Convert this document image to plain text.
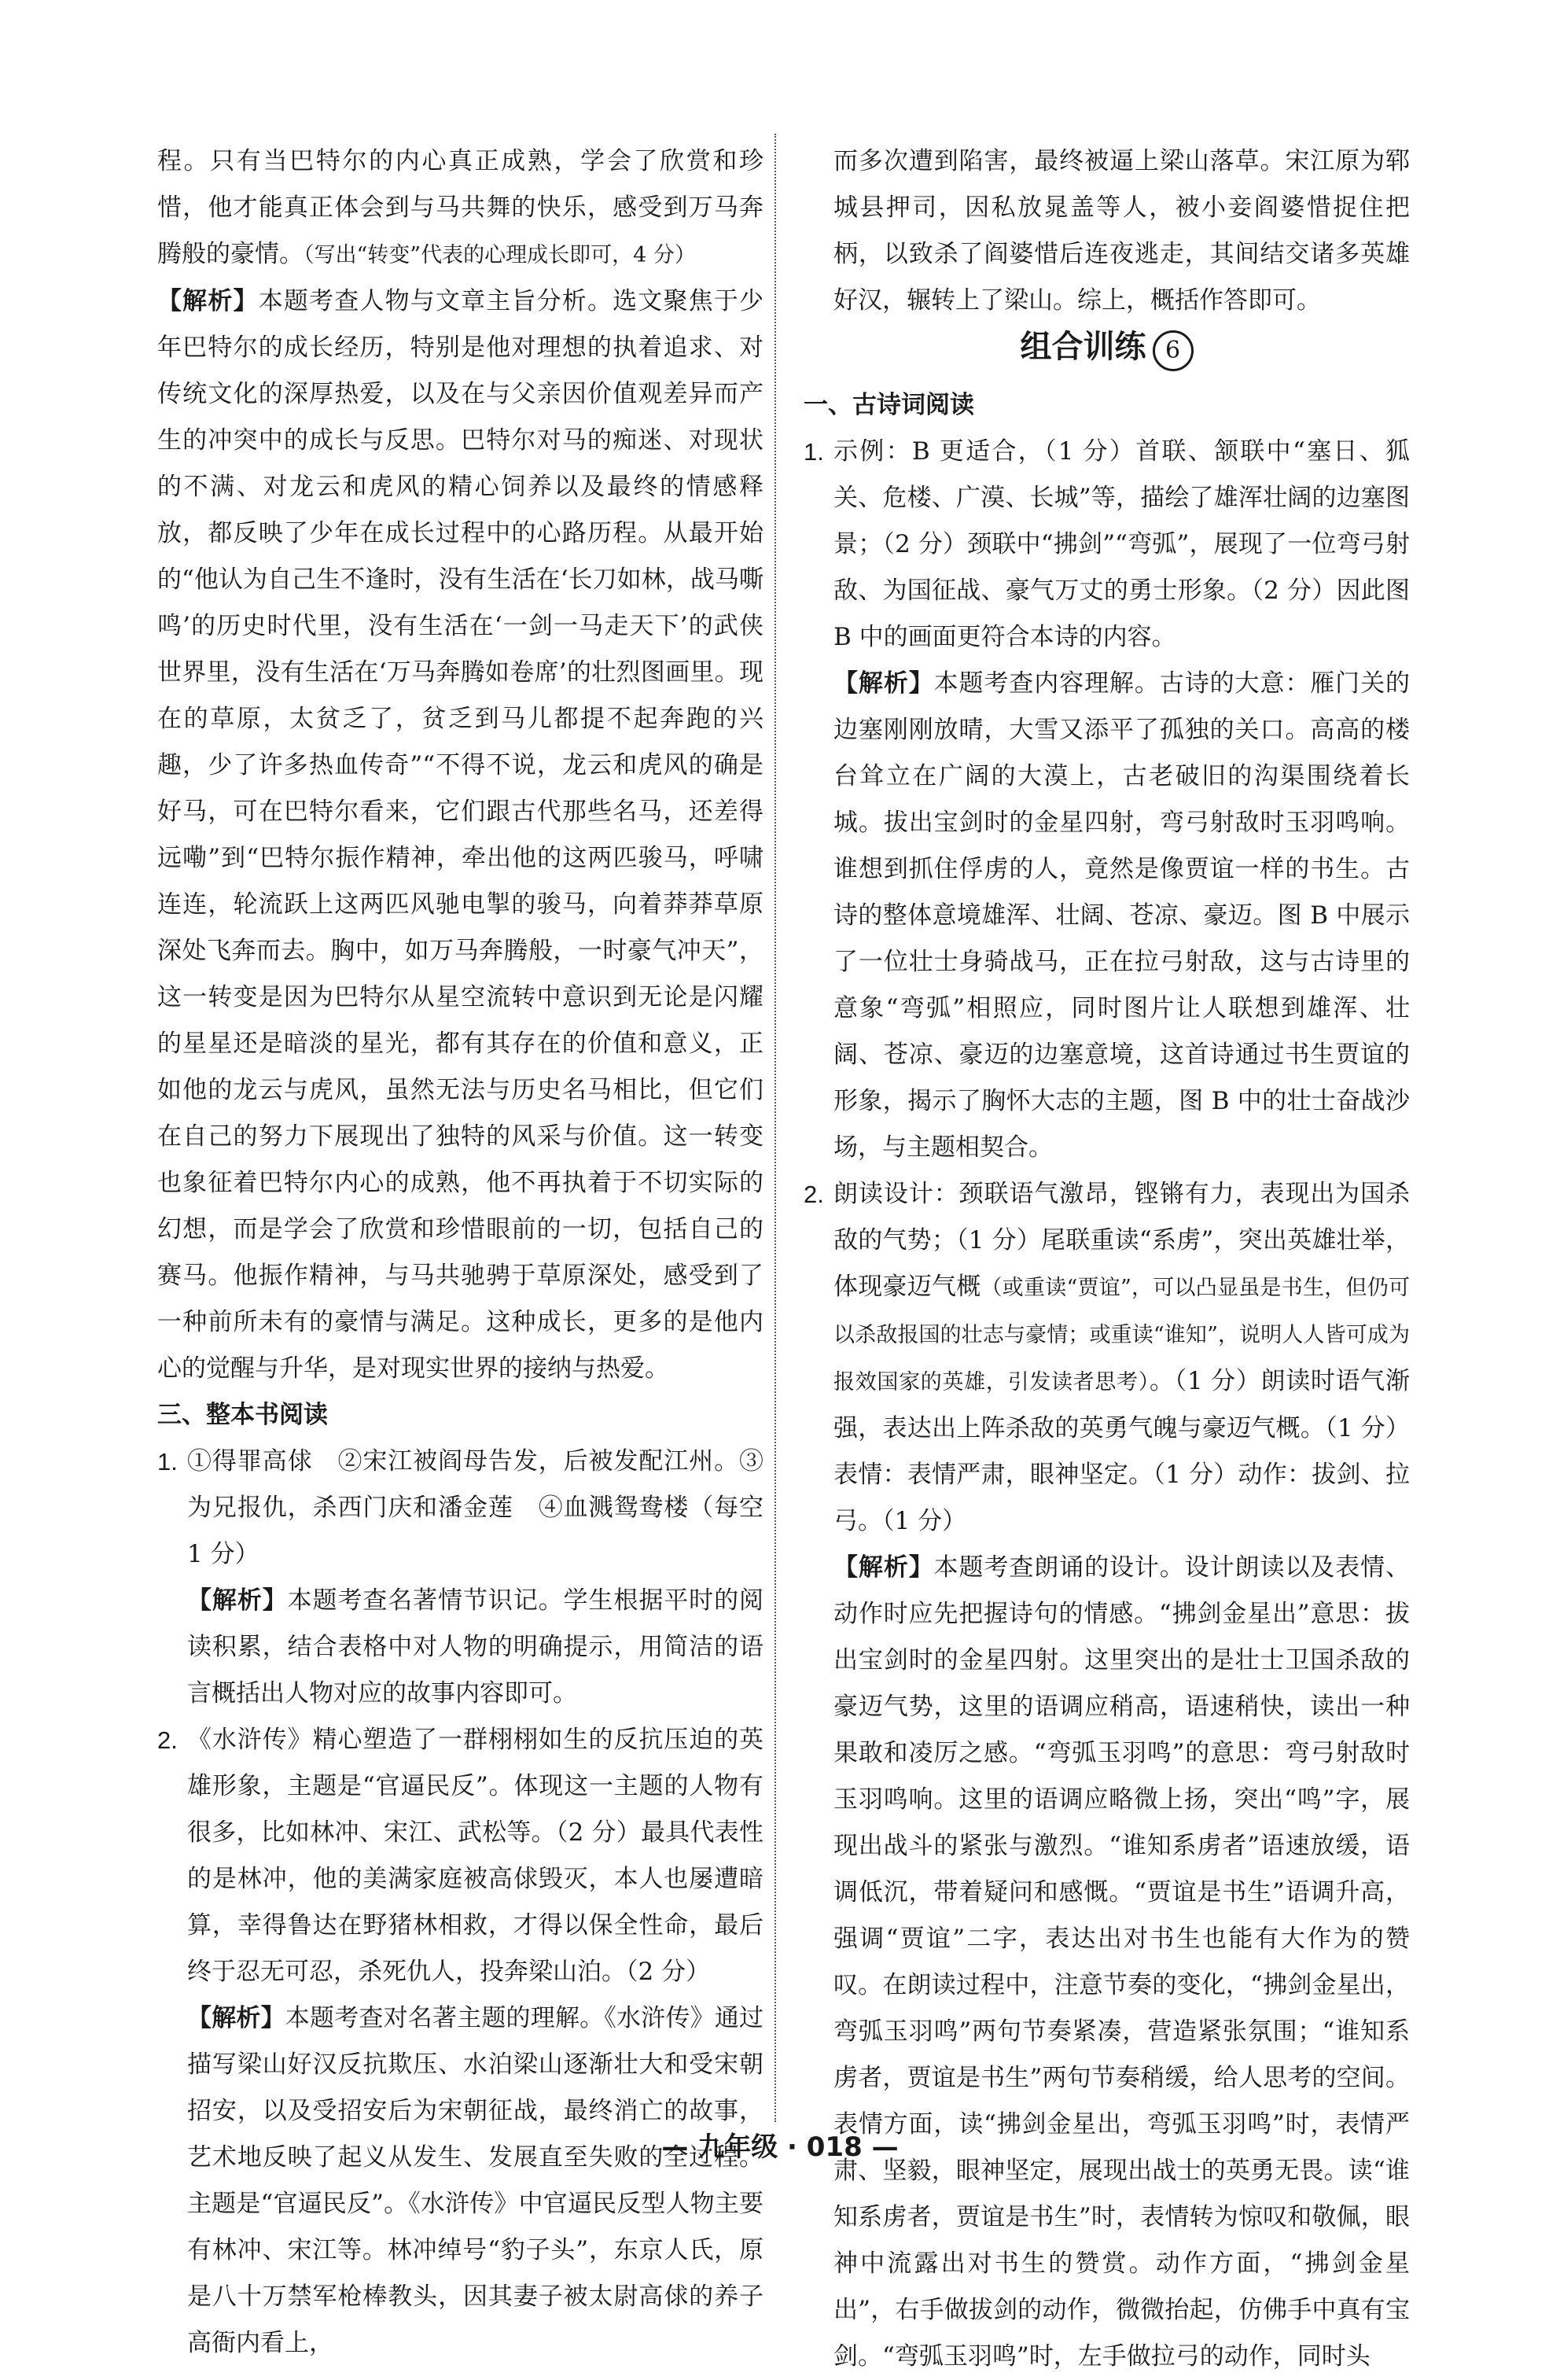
程。只有当巴特尔的内心真正成熟，学会了欣赏和珍惜，他才能真正体会到与马共舞的快乐，感受到万马奔腾般的豪情。（写出“转变”代表的心理成长即可，4 分）

【解析】本题考查人物与文章主旨分析。选文聚焦于少年巴特尔的成长经历，特别是他对理想的执着追求、对传统文化的深厚热爱，以及在与父亲因价值观差异而产生的冲突中的成长与反思。巴特尔对马的痴迷、对现状的不满、对龙云和虎风的精心饲养以及最终的情感释放，都反映了少年在成长过程中的心路历程。从最开始的“他认为自己生不逢时，没有生活在‘长刀如林，战马嘶鸣’的历史时代里，没有生活在‘一剑一马走天下’的武侠世界里，没有生活在‘万马奔腾如卷席’的壮烈图画里。现在的草原，太贫乏了，贫乏到马儿都提不起奔跑的兴趣，少了许多热血传奇”“不得不说，龙云和虎风的确是好马，可在巴特尔看来，它们跟古代那些名马，还差得远嘞”到“巴特尔振作精神，牵出他的这两匹骏马，呼啸连连，轮流跃上这两匹风驰电掣的骏马，向着莽莽草原深处飞奔而去。胸中，如万马奔腾般，一时豪气冲天”，这一转变是因为巴特尔从星空流转中意识到无论是闪耀的星星还是暗淡的星光，都有其存在的价值和意义，正如他的龙云与虎风，虽然无法与历史名马相比，但它们在自己的努力下展现出了独特的风采与价值。这一转变也象征着巴特尔内心的成熟，他不再执着于不切实际的幻想，而是学会了欣赏和珍惜眼前的一切，包括自己的赛马。他振作精神，与马共驰骋于草原深处，感受到了一种前所未有的豪情与满足。这种成长，更多的是他内心的觉醒与升华，是对现实世界的接纳与热爱。

三、整本书阅读

1. ①得罪高俅　②宋江被阎母告发，后被发配江州。③为兄报仇，杀西门庆和潘金莲　④血溅鸳鸯楼（每空 1 分）

【解析】本题考查名著情节识记。学生根据平时的阅读积累，结合表格中对人物的明确提示，用简洁的语言概括出人物对应的故事内容即可。

2. 《水浒传》精心塑造了一群栩栩如生的反抗压迫的英雄形象，主题是“官逼民反”。体现这一主题的人物有很多，比如林冲、宋江、武松等。（2 分）最具代表性的是林冲，他的美满家庭被高俅毁灭，本人也屡遭暗算，幸得鲁达在野猪林相救，才得以保全性命，最后终于忍无可忍，杀死仇人，投奔梁山泊。（2 分）

【解析】本题考查对名著主题的理解。《水浒传》通过描写梁山好汉反抗欺压、水泊梁山逐渐壮大和受宋朝招安，以及受招安后为宋朝征战，最终消亡的故事，艺术地反映了起义从发生、发展直至失败的全过程。主题是“官逼民反”。《水浒传》中官逼民反型人物主要有林冲、宋江等。林冲绰号“豹子头”，东京人氏，原是八十万禁军枪棒教头，因其妻子被太尉高俅的养子高衙内看上，

而多次遭到陷害，最终被逼上梁山落草。宋江原为郓城县押司，因私放晁盖等人，被小妾阎婆惜捉住把柄，以致杀了阎婆惜后连夜逃走，其间结交诸多英雄好汉，辗转上了梁山。综上，概括作答即可。

组合训练 6

一、古诗词阅读

1. 示例：B 更适合，（1 分）首联、颔联中“塞日、狐关、危楼、广漠、长城”等，描绘了雄浑壮阔的边塞图景；（2 分）颈联中“拂剑”“弯弧”，展现了一位弯弓射敌、为国征战、豪气万丈的勇士形象。（2 分）因此图 B 中的画面更符合本诗的内容。

【解析】本题考查内容理解。古诗的大意：雁门关的边塞刚刚放晴，大雪又添平了孤独的关口。高高的楼台耸立在广阔的大漠上，古老破旧的沟渠围绕着长城。拔出宝剑时的金星四射，弯弓射敌时玉羽鸣响。谁想到抓住俘虏的人，竟然是像贾谊一样的书生。古诗的整体意境雄浑、壮阔、苍凉、豪迈。图 B 中展示了一位壮士身骑战马，正在拉弓射敌，这与古诗里的意象“弯弧”相照应，同时图片让人联想到雄浑、壮阔、苍凉、豪迈的边塞意境，这首诗通过书生贾谊的形象，揭示了胸怀大志的主题，图 B 中的壮士奋战沙场，与主题相契合。

2. 朗读设计：颈联语气激昂，铿锵有力，表现出为国杀敌的气势；（1 分）尾联重读“系虏”，突出英雄壮举，体现豪迈气概（或重读“贾谊”，可以凸显虽是书生，但仍可以杀敌报国的壮志与豪情；或重读“谁知”，说明人人皆可成为报效国家的英雄，引发读者思考）。（1 分）朗读时语气渐强，表达出上阵杀敌的英勇气魄与豪迈气概。（1 分）表情：表情严肃，眼神坚定。（1 分）动作：拔剑、拉弓。（1 分）

【解析】本题考查朗诵的设计。设计朗读以及表情、动作时应先把握诗句的情感。“拂剑金星出”意思：拔出宝剑时的金星四射。这里突出的是壮士卫国杀敌的豪迈气势，这里的语调应稍高，语速稍快，读出一种果敢和凌厉之感。“弯弧玉羽鸣”的意思：弯弓射敌时玉羽鸣响。这里的语调应略微上扬，突出“鸣”字，展现出战斗的紧张与激烈。“谁知系虏者”语速放缓，语调低沉，带着疑问和感慨。“贾谊是书生”语调升高，强调“贾谊”二字，表达出对书生也能有大作为的赞叹。在朗读过程中，注意节奏的变化，“拂剑金星出，弯弧玉羽鸣”两句节奏紧凑，营造紧张氛围；“谁知系虏者，贾谊是书生”两句节奏稍缓，给人思考的空间。表情方面，读“拂剑金星出，弯弧玉羽鸣”时，表情严肃、坚毅，眼神坚定，展现出战士的英勇无畏。读“谁知系虏者，贾谊是书生”时，表情转为惊叹和敬佩，眼神中流露出对书生的赞赏。动作方面，“拂剑金星出”，右手做拔剑的动作，微微抬起，仿佛手中真有宝剑。“弯弧玉羽鸣”时，左手做拉弓的动作，同时头

— 九年级 · 018 —
